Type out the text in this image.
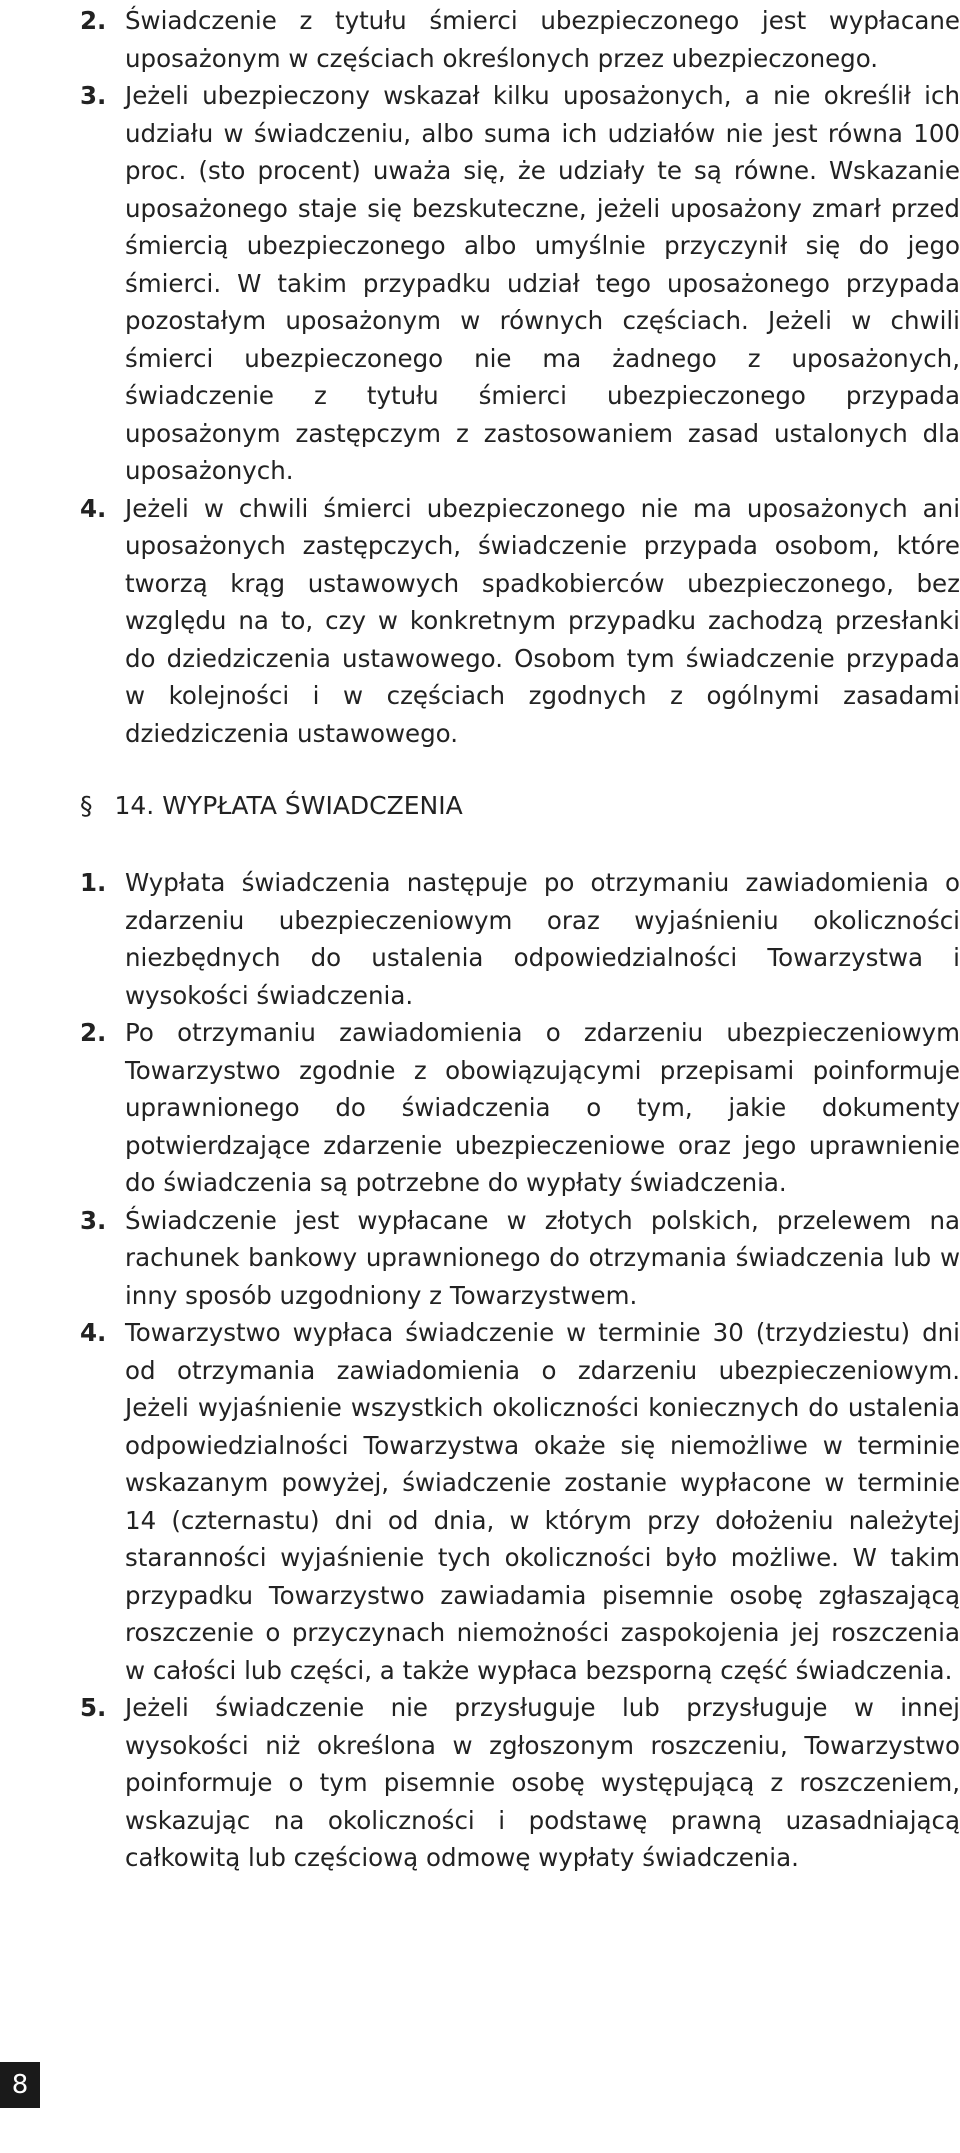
2. Świadczenie z tytułu śmierci ubezpieczonego jest wypłacane uposażonym w częściach określonych przez ubezpieczonego.
3. Jeżeli ubezpieczony wskazał kilku uposażonych, a nie określił ich udziału w świadczeniu, albo suma ich udziałów nie jest równa 100 proc. (sto procent) uważa się, że udziały te są równe. Wskazanie uposażonego staje się bezskuteczne, jeżeli uposażony zmarł przed śmiercią ubezpieczonego albo umyślnie przyczynił się do jego śmierci. W takim przypadku udział tego uposażonego przypada pozostałym uposażonym w równych częściach. Jeżeli w chwili śmierci ubezpieczonego nie ma żadnego z uposażonych, świadczenie z tytułu śmierci ubezpieczonego przypada uposażonym zastępczym z zastosowaniem zasad ustalonych dla uposażonych.
4. Jeżeli w chwili śmierci ubezpieczonego nie ma uposażonych ani uposażonych zastępczych, świadczenie przypada osobom, które tworzą krąg ustawowych spadkobierców ubezpieczonego, bez względu na to, czy w konkretnym przypadku zachodzą przesłanki do dziedziczenia ustawowego. Osobom tym świadczenie przypada w kolejności i w częściach zgodnych z ogólnymi zasadami dziedziczenia ustawowego.
§ 14. WYPŁATA ŚWIADCZENIA
1. Wypłata świadczenia następuje po otrzymaniu zawiadomienia o zdarzeniu ubezpieczeniowym oraz wyjaśnieniu okoliczności niezbędnych do ustalenia odpowiedzialności Towarzystwa i wysokości świadczenia.
2. Po otrzymaniu zawiadomienia o zdarzeniu ubezpieczeniowym Towarzystwo zgodnie z obowiązującymi przepisami poinformuje uprawnionego do świadczenia o tym, jakie dokumenty potwierdzające zdarzenie ubezpieczeniowe oraz jego uprawnienie do świadczenia są potrzebne do wypłaty świadczenia.
3. Świadczenie jest wypłacane w złotych polskich, przelewem na rachunek bankowy uprawnionego do otrzymania świadczenia lub w inny sposób uzgodniony z Towarzystwem.
4. Towarzystwo wypłaca świadczenie w terminie 30 (trzydziestu) dni od otrzymania zawiadomienia o zdarzeniu ubezpieczeniowym. Jeżeli wyjaśnienie wszystkich okoliczności koniecznych do ustalenia odpowiedzialności Towarzystwa okaże się niemożliwe w terminie wskazanym powyżej, świadczenie zostanie wypłacone w terminie 14 (czternastu) dni od dnia, w którym przy dołożeniu należytej staranności wyjaśnienie tych okoliczności było możliwe. W takim przypadku Towarzystwo zawiadamia pisemnie osobę zgłaszającą roszczenie o przyczynach niemożności zaspokojenia jej roszczenia w całości lub części, a także wypłaca bezsporną część świadczenia.
5. Jeżeli świadczenie nie przysługuje lub przysługuje w innej wysokości niż określona w zgłoszonym roszczeniu, Towarzystwo poinformuje o tym pisemnie osobę występującą z roszczeniem, wskazując na okoliczności i podstawę prawną uzasadniającą całkowitą lub częściową odmowę wypłaty świadczenia.
8
